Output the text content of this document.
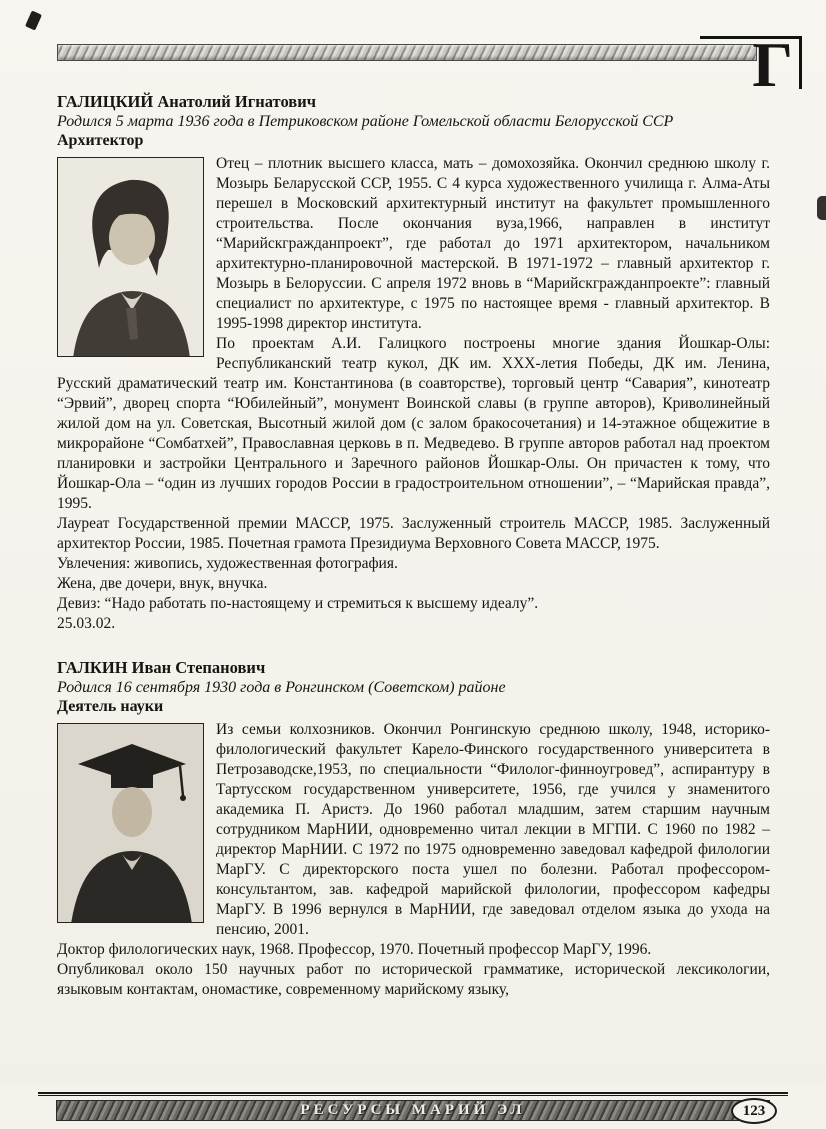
Г
ГАЛИЦКИЙ Анатолий Игнатович

Родился 5 марта 1936 года в Петриковском районе Гомельской области Белорусской ССР

Архитектор

Отец – плотник высшего класса, мать – домохозяйка. Окончил среднюю школу г. Мозырь Беларусской ССР, 1955. С 4 курса художественного училища г. Алма-Аты перешел в Московский архитектурный институт на факультет промышленного строительства. После окончания вуза,1966, направлен в институт “Марийскгражданпроект”, где работал до 1971 архитектором, начальником архитектурно-планировочной мастерской. В 1971-1972 – главный архитектор г. Мозырь в Белоруссии. С апреля 1972 вновь в “Марийскгражданпроекте”: главный специалист по архитектуре, с 1975 по настоящее время - главный архитектор. В 1995-1998 директор института.

По проектам А.И. Галицкого построены многие здания Йошкар-Олы: Республиканский театр кукол, ДК им. XXX-летия Победы, ДК им. Ленина, Русский драматический театр им. Константинова (в соавторстве), торговый центр “Савария”, кинотеатр “Эрвий”, дворец спорта “Юбилейный”, монумент Воинской славы (в группе авторов), Криволинейный жилой дом на ул. Советская, Высотный жилой дом (с залом бракосочетания) и 14-этажное общежитие в микрорайоне “Сомбатхей”, Православная церковь в п. Медведево. В группе авторов работал над проектом планировки и застройки Центрального и Заречного районов Йошкар-Олы. Он причастен к тому, что Йошкар-Ола – “один из лучших городов России в градостроительном отношении”, – “Марийская правда”, 1995.

Лауреат Государственной премии МАССР, 1975. Заслуженный строитель МАССР, 1985. Заслуженный архитектор России, 1985. Почетная грамота Президиума Верховного Совета МАССР, 1975.

Увлечения: живопись, художественная фотография.

Жена, две дочери, внук, внучка.

Девиз: “Надо работать по-настоящему и стремиться к высшему идеалу”.

25.03.02.

ГАЛКИН Иван Степанович

Родился 16 сентября 1930 года в Ронгинском (Советском) районе

Деятель науки

Из семьи колхозников. Окончил Ронгинскую среднюю школу, 1948, историко-филологический факультет Карело-Финского государственного университета в Петрозаводске,1953, по специальности “Филолог-финноугровед”, аспирантуру в Тартусском государственном университете, 1956, где учился у знаменитого академика П. Аристэ. До 1960 работал младшим, затем старшим научным сотрудником МарНИИ, одновременно читал лекции в МГПИ. С 1960 по 1982 – директор МарНИИ. С 1972 по 1975 одновременно заведовал кафедрой филологии МарГУ. С директорского поста ушел по болезни. Работал профессором-консультантом, зав. кафедрой марийской филологии, профессором кафедры МарГУ. В 1996 вернулся в МарНИИ, где заведовал отделом языка до ухода на пенсию, 2001.

Доктор филологических наук, 1968. Профессор, 1970. Почетный профессор МарГУ, 1996.

Опубликовал около 150 научных работ по исторической грамматике, исторической лексикологии, языковым контактам, ономастике, современному марийскому языку,

РЕСУРСЫ МАРИЙ ЭЛ	123
